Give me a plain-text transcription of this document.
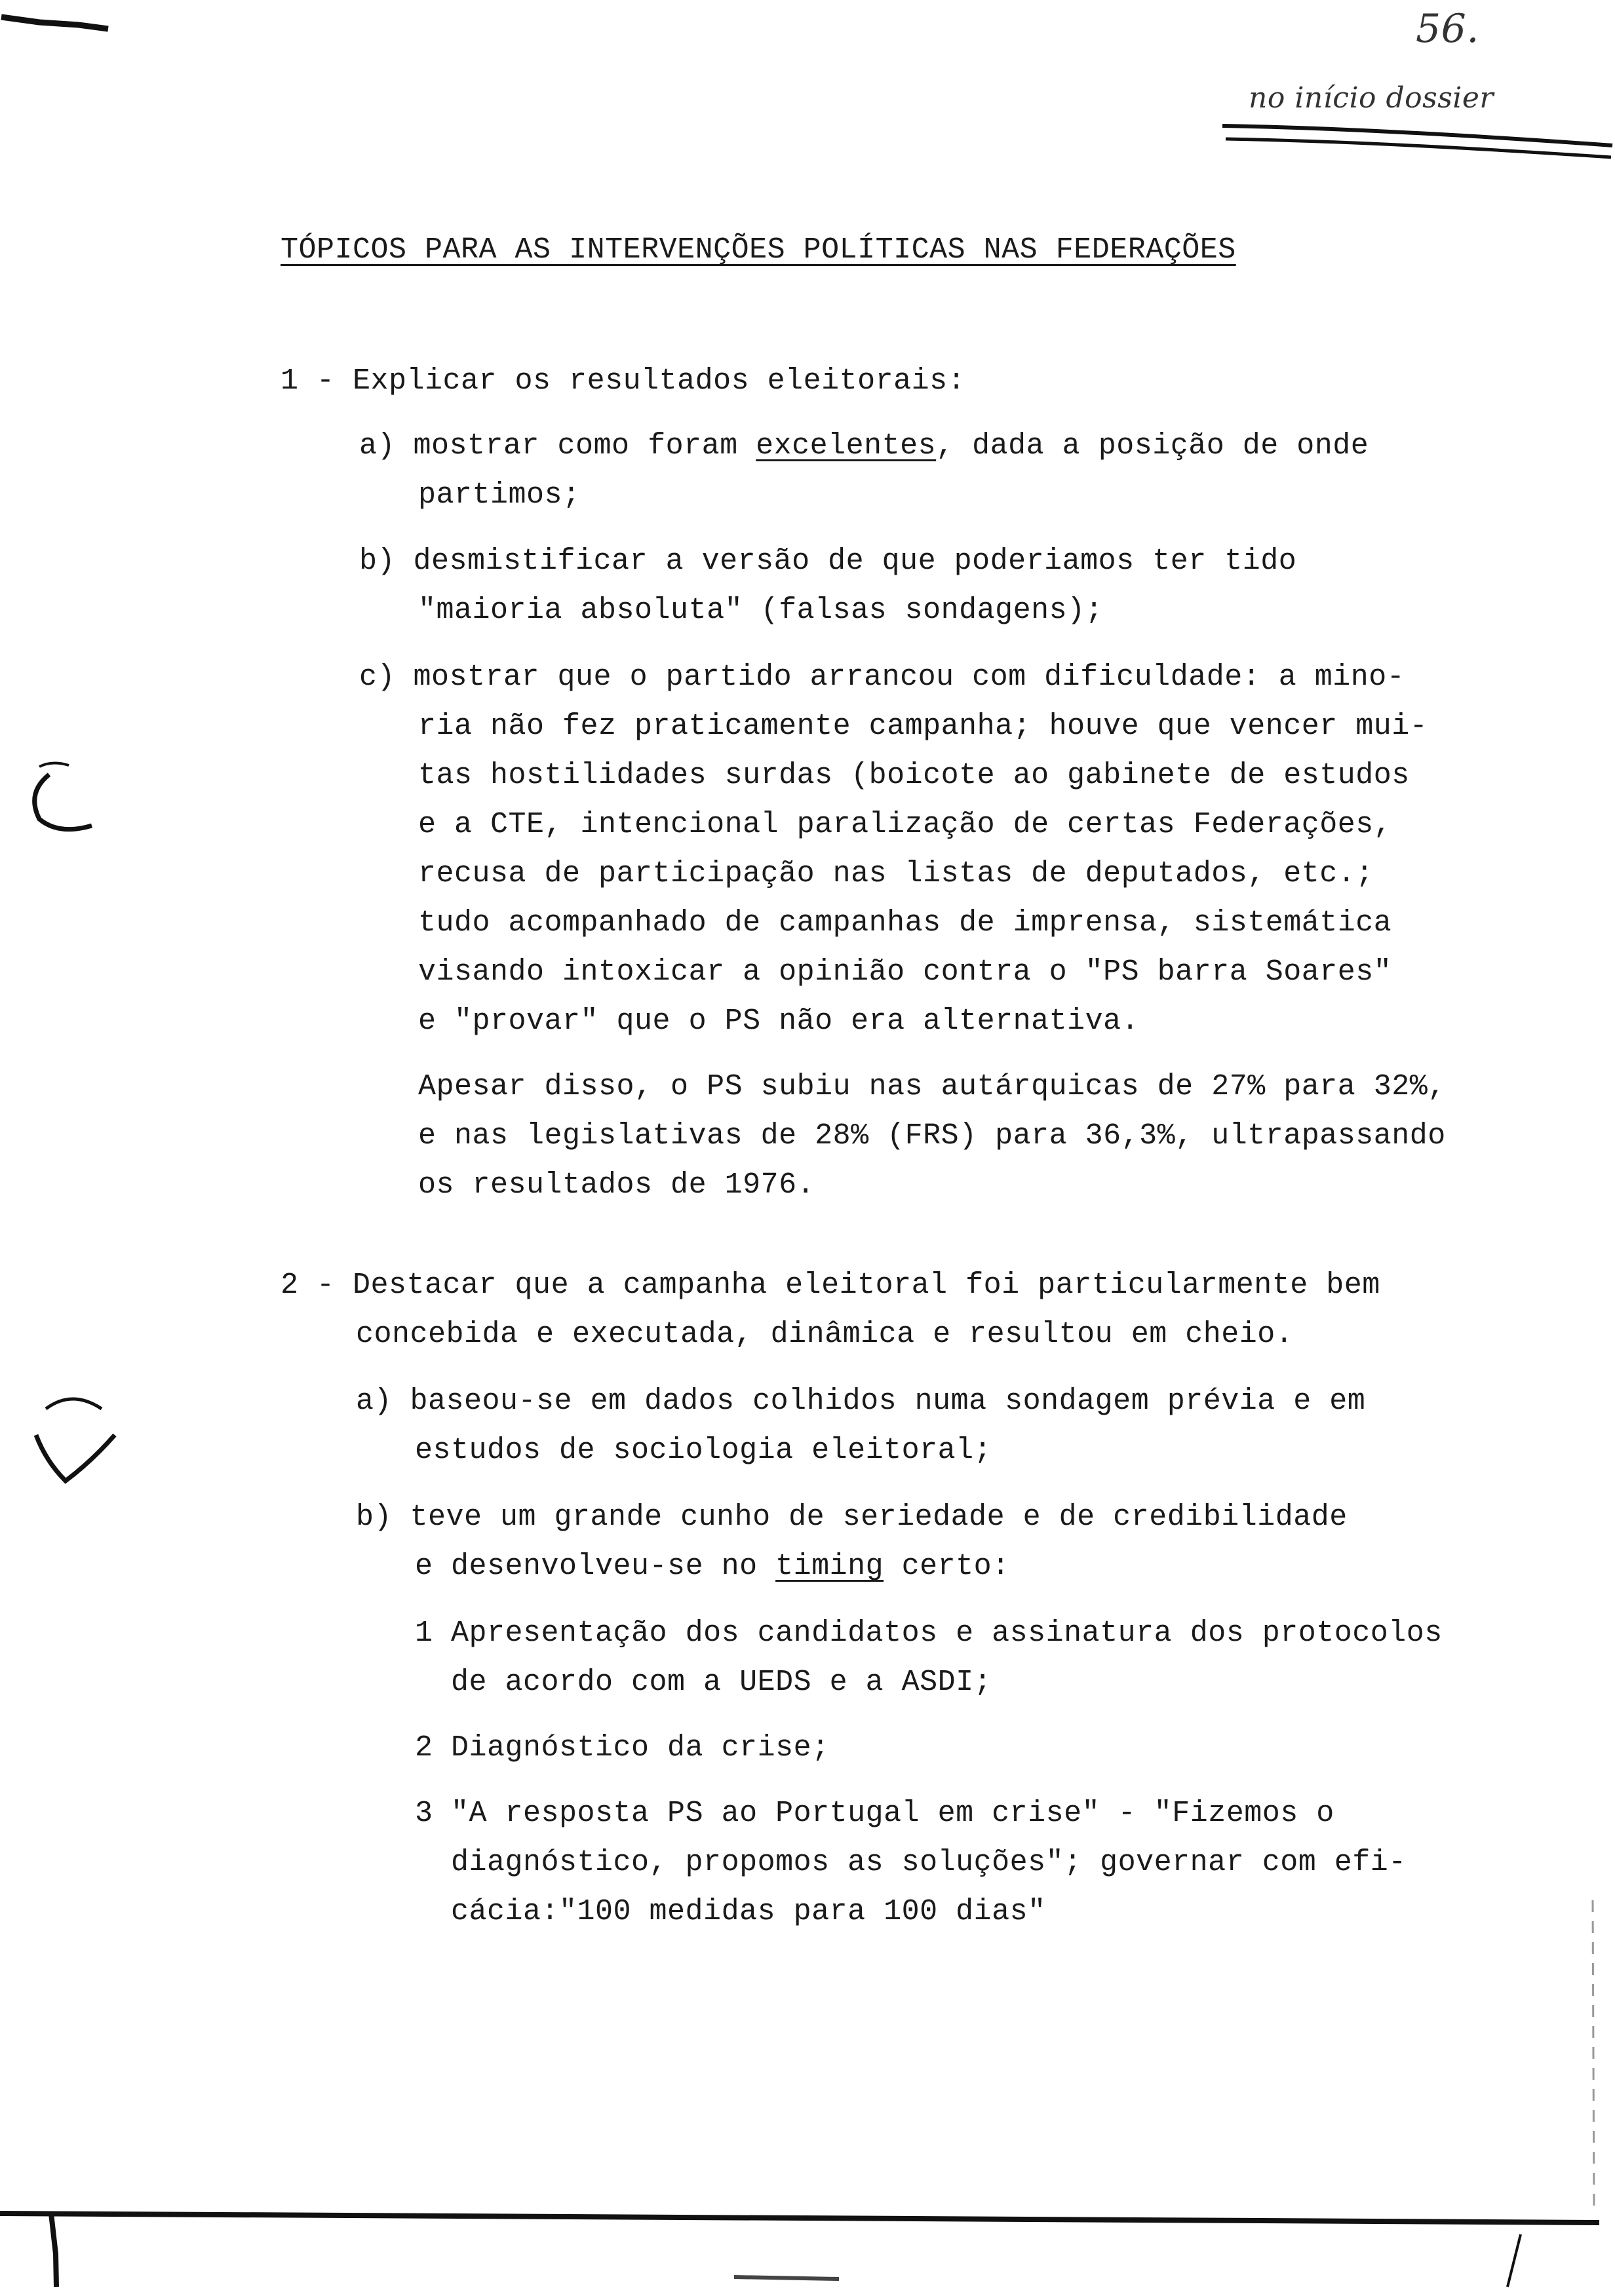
56.
no início dossier
TÓPICOS PARA AS INTERVENÇÕES POLÍTICAS NAS FEDERAÇÕES
1 - Explicar os resultados eleitorais:
a) mostrar como foram excelentes, dada a posição de onde
partimos;
b) desmistificar a versão de que poderiamos ter tido
"maioria absoluta" (falsas sondagens);
c) mostrar que o partido arrancou com dificuldade: a mino-
ria não fez praticamente campanha; houve que vencer mui-
tas hostilidades surdas (boicote ao gabinete de estudos
e a CTE, intencional paralização de certas Federações,
recusa de participação nas listas de deputados, etc.;
tudo acompanhado de campanhas de imprensa, sistemática
visando intoxicar a opinião contra o "PS barra Soares"
e "provar" que o PS não era alternativa.
Apesar disso, o PS subiu nas autárquicas de 27% para 32%,
e nas legislativas de 28% (FRS) para 36,3%, ultrapassando
os resultados de 1976.
2 - Destacar que a campanha eleitoral foi particularmente bem
concebida e executada, dinâmica e resultou em cheio.
a) baseou-se em dados colhidos numa sondagem prévia e em
estudos de sociologia eleitoral;
b) teve um grande cunho de seriedade e de credibilidade
e desenvolveu-se no timing certo:
1 Apresentação dos candidatos e assinatura dos protocolos
de acordo com a UEDS e a ASDI;
2 Diagnóstico da crise;
3 "A resposta PS ao Portugal em crise" - "Fizemos o
diagnóstico, propomos as soluções"; governar com efi-
cácia:"100 medidas para 100 dias"
